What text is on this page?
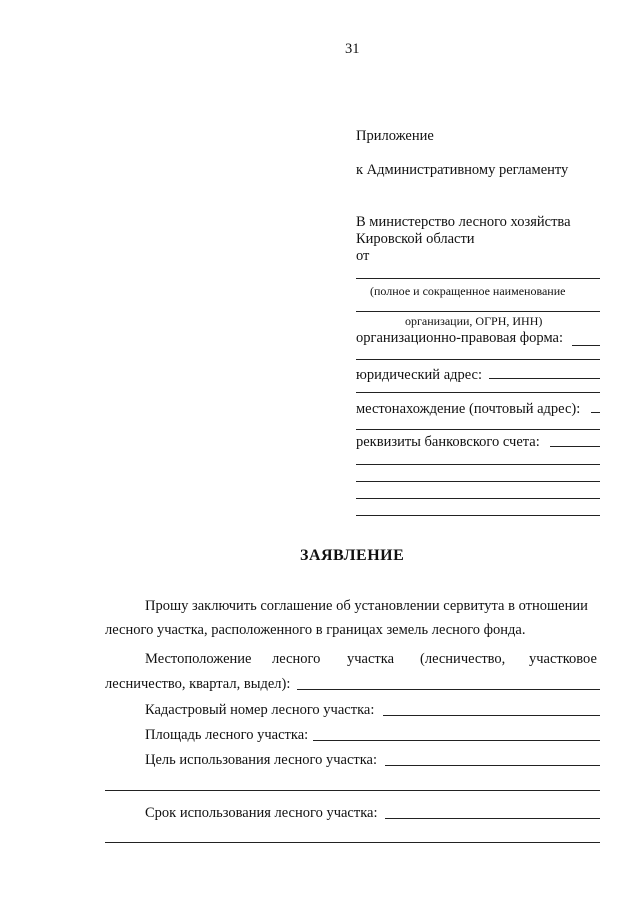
31
Приложение
к Административному регламенту
В министерство лесного хозяйства
Кировской области
от
(полное и сокращенное наименование
организации, ОГРН, ИНН)
организационно-правовая форма:
юридический адрес:
местонахождение (почтовый адрес):
реквизиты банковского счета:
ЗАЯВЛЕНИЕ
Прошу заключить соглашение об установлении сервитута в отношении
лесного участка, расположенного в границах земель лесного фонда.
Местоположение лесного участка (лесничество, участковое
лесничество, квартал, выдел):
Кадастровый номер лесного участка:
Площадь лесного участка:
Цель использования лесного участка:
Срок использования лесного участка:
